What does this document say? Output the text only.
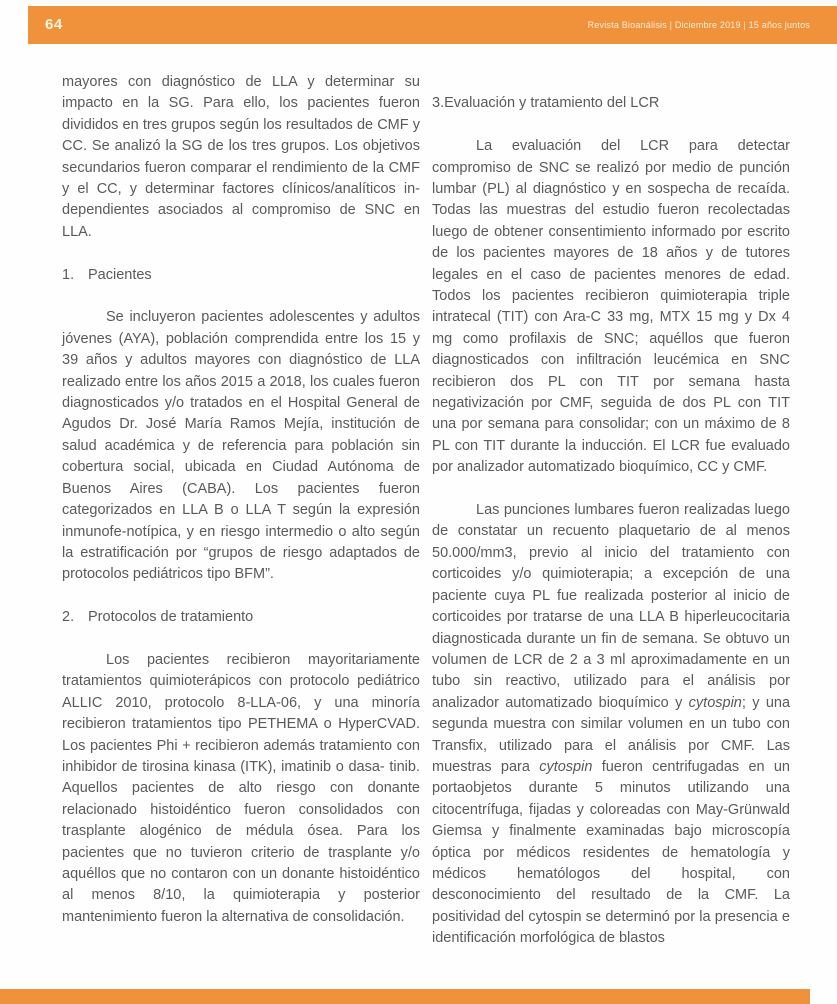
64	Revista Bioanálisis | Diciembre 2019 | 15 años juntos

mayores con diagnóstico de LLA y determinar su impacto en la SG. Para ello, los pacientes fueron divididos en tres grupos según los resultados de CMF y CC. Se analizó la SG de los tres grupos. Los objetivos secundarios fueron comparar el rendimiento de la CMF y el CC, y determinar factores clínicos/analíticos in- dependientes asociados al compromiso de SNC en LLA.

1. Pacientes

Se incluyeron pacientes adolescentes y adultos jóvenes (AYA), población comprendida entre los 15 y 39 años y adultos mayores con diagnóstico de LLA realizado entre los años 2015 a 2018, los cuales fueron diagnosticados y/o tratados en el Hospital General de Agudos Dr. José María Ramos Mejía, institución de salud académica y de referencia para población sin cobertura social, ubicada en Ciudad Autónoma de Buenos Aires (CABA). Los pacientes fueron categorizados en LLA B o LLA T según la expresión inmunofe-notípica, y en riesgo intermedio o alto según la estratificación por “grupos de riesgo adaptados de protocolos pediátricos tipo BFM”.

2. Protocolos de tratamiento

Los pacientes recibieron mayoritariamente tratamientos quimioterápicos con protocolo pediátrico ALLIC 2010, protocolo 8-LLA-06, y una minoría recibieron tratamientos tipo PETHEMA o HyperCVAD. Los pacientes Phi + recibieron además tratamiento con inhibidor de tirosina kinasa (ITK), imatinib o dasa- tinib. Aquellos pacientes de alto riesgo con donante relacionado histoidéntico fueron consolidados con trasplante alogénico de médula ósea. Para los pacientes que no tuvieron criterio de trasplante y/o aquéllos que no contaron con un donante histoidéntico al menos 8/10, la quimioterapia y posterior mantenimiento fueron la alternativa de consolidación.

3.Evaluación y tratamiento del LCR

La evaluación del LCR para detectar compromiso de SNC se realizó por medio de punción lumbar (PL) al diagnóstico y en sospecha de recaída. Todas las muestras del estudio fueron recolectadas luego de obtener consentimiento informado por escrito de los pacientes mayores de 18 años y de tutores legales en el caso de pacientes menores de edad. Todos los pacientes recibieron quimioterapia triple intratecal (TIT) con Ara-C 33 mg, MTX 15 mg y Dx 4 mg como profilaxis de SNC; aquéllos que fueron diagnosticados con infiltración leucémica en SNC recibieron dos PL con TIT por semana hasta negativización por CMF, seguida de dos PL con TIT una por semana para consolidar; con un máximo de 8 PL con TIT durante la inducción. El LCR fue evaluado por analizador automatizado bioquímico, CC y CMF.

Las punciones lumbares fueron realizadas luego de constatar un recuento plaquetario de al menos 50.000/mm3, previo al inicio del tratamiento con corticoides y/o quimioterapia; a excepción de una paciente cuya PL fue realizada posterior al inicio de corticoides por tratarse de una LLA B hiperleucocitaria diagnosticada durante un fin de semana. Se obtuvo un volumen de LCR de 2 a 3 ml aproximadamente en un tubo sin reactivo, utilizado para el análisis por analizador automatizado bioquímico y cytospin; y una segunda muestra con similar volumen en un tubo con Transfix, utilizado para el análisis por CMF. Las muestras para cytospin fueron centrifugadas en un portaobjetos durante 5 minutos utilizando una citocentrífuga, fijadas y coloreadas con May-Grünwald Giemsa y finalmente examinadas bajo microscopía óptica por médicos residentes de hematología y médicos hematólogos del hospital, con desconocimiento del resultado de la CMF. La positividad del cytospin se determinó por la presencia e identificación morfológica de blastos
